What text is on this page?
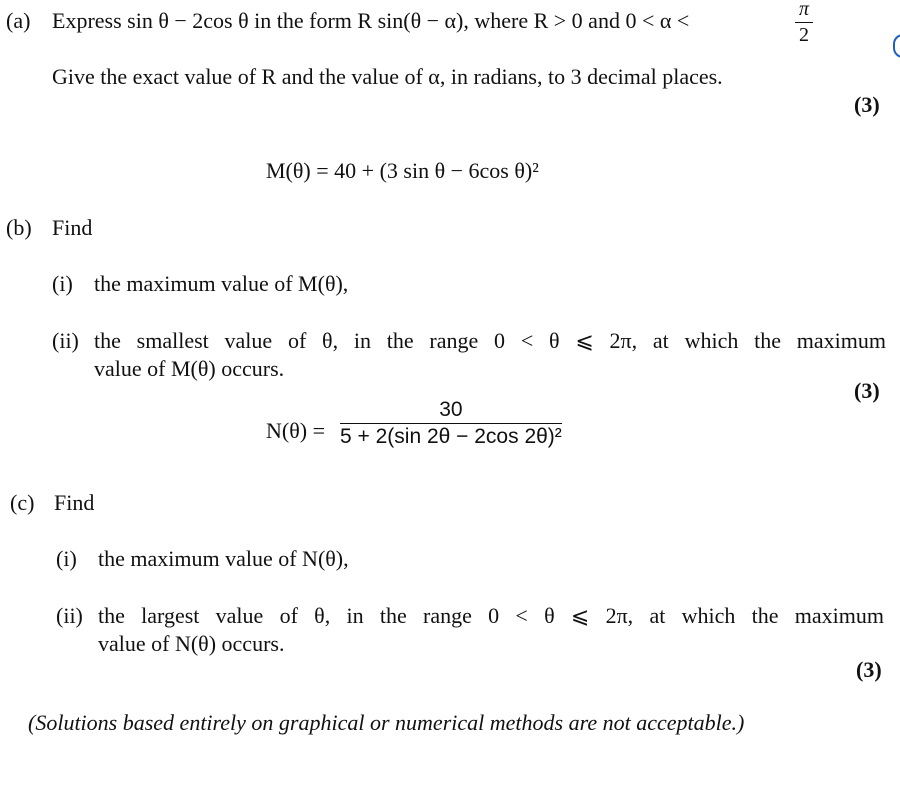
(a) Express sin θ − 2cos θ in the form R sin(θ − α), where R > 0 and 0 < α <	$\frac{\pi}{2}$
Give the exact value of R and the value of α, in radians, to 3 decimal places.
(3)
M(θ) = 40 + (3 sin θ − 6cos θ)²
(b) Find
(i) the maximum value of M(θ),
(ii) the smallest value of θ, in the range 0 < θ ⩽ 2π, at which the maximum
value of M(θ) occurs.
(3)
$N(\theta) = \frac{30}{\text{5 + 2(sin 2θ − 2cos 2θ)²}}$
(c) Find
(i) the maximum value of N(θ),
(ii) the largest value of θ, in the range 0 < θ ⩽ 2π, at which the maximum
value of N(θ) occurs.
(3)
(Solutions based entirely on graphical or numerical methods are not acceptable.)
